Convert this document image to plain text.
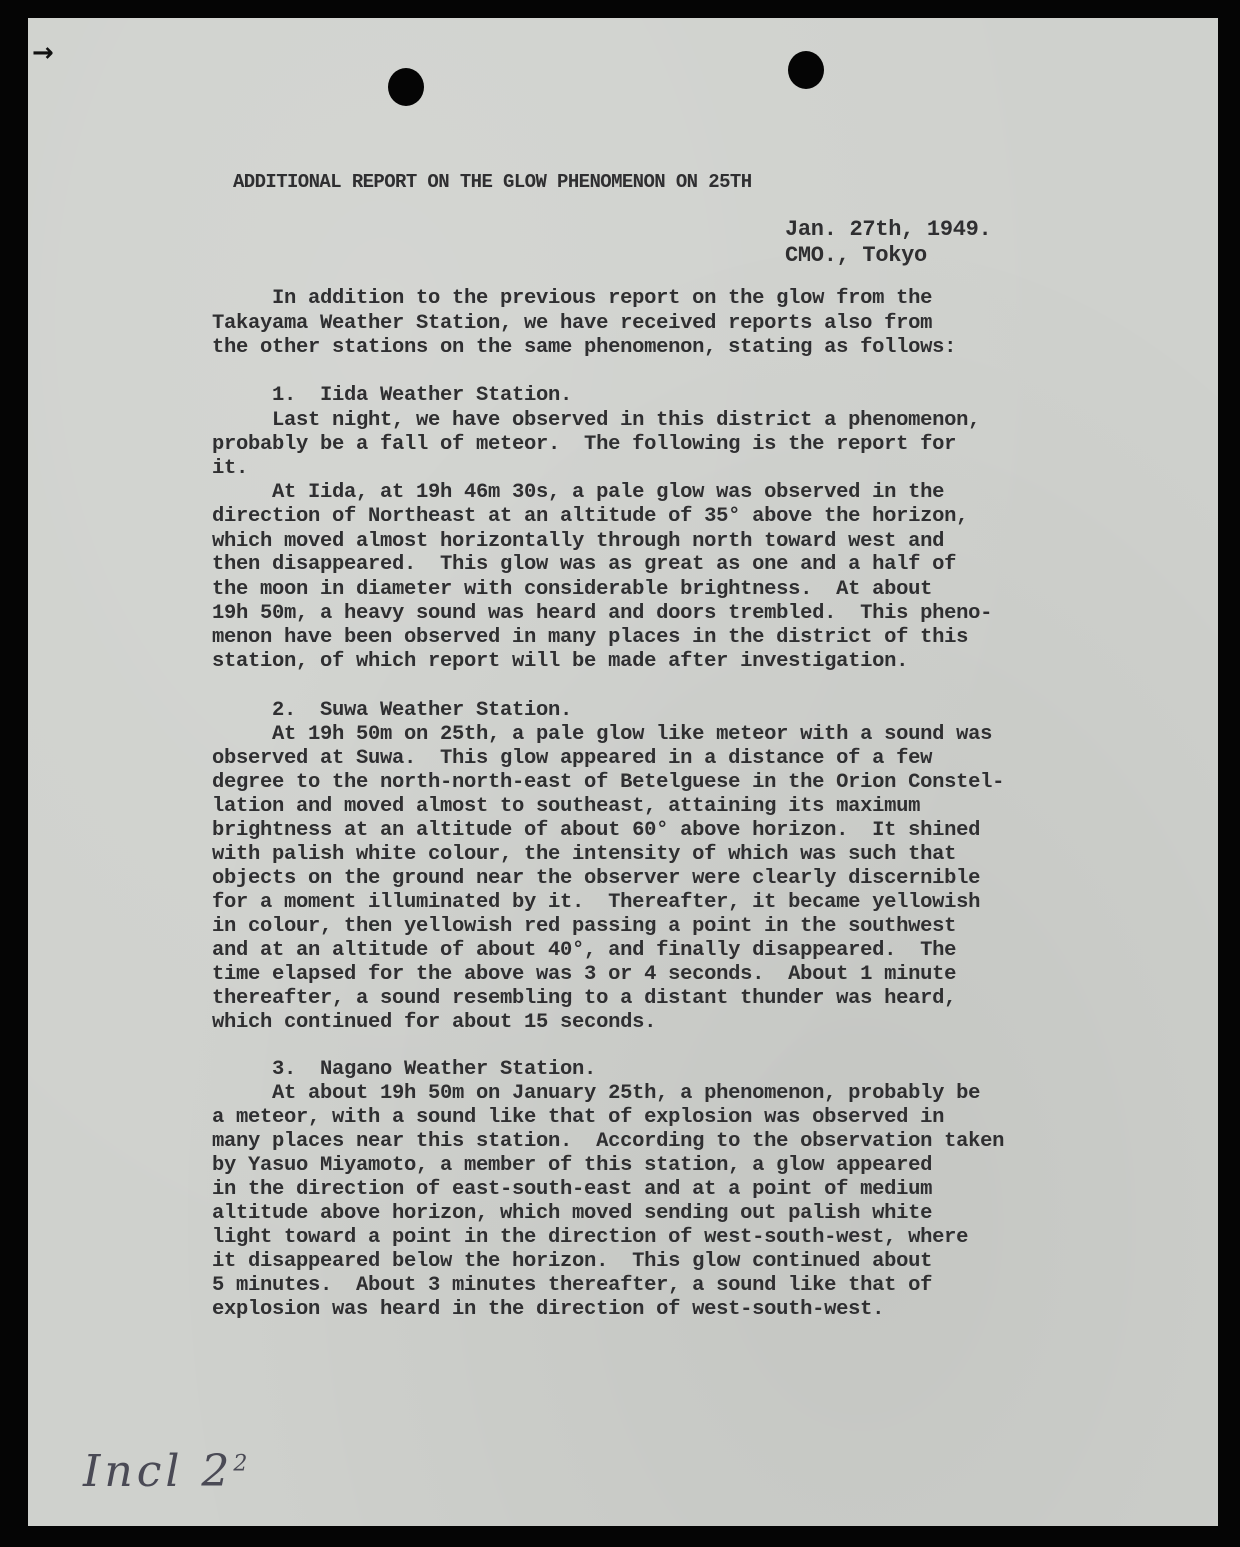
→
ADDITIONAL REPORT ON THE GLOW PHENOMENON ON 25TH
Jan. 27th, 1949.
CMO., Tokyo
In addition to the previous report on the glow from the
Takayama Weather Station, we have received reports also from
the other stations on the same phenomenon, stating as follows:
1.  Iida Weather Station.
Last night, we have observed in this district a phenomenon,
probably be a fall of meteor.  The following is the report for
it.
At Iida, at 19h 46m 30s, a pale glow was observed in the
direction of Northeast at an altitude of 35° above the horizon,
which moved almost horizontally through north toward west and
then disappeared.  This glow was as great as one and a half of
the moon in diameter with considerable brightness.  At about
19h 50m, a heavy sound was heard and doors trembled.  This pheno-
menon have been observed in many places in the district of this
station, of which report will be made after investigation.
2.  Suwa Weather Station.
At 19h 50m on 25th, a pale glow like meteor with a sound was
observed at Suwa.  This glow appeared in a distance of a few
degree to the north-north-east of Betelguese in the Orion Constel-
lation and moved almost to southeast, attaining its maximum
brightness at an altitude of about 60° above horizon.  It shined
with palish white colour, the intensity of which was such that
objects on the ground near the observer were clearly discernible
for a moment illuminated by it.  Thereafter, it became yellowish
in colour, then yellowish red passing a point in the southwest
and at an altitude of about 40°, and finally disappeared.  The
time elapsed for the above was 3 or 4 seconds.  About 1 minute
thereafter, a sound resembling to a distant thunder was heard,
which continued for about 15 seconds.
3.  Nagano Weather Station.
At about 19h 50m on January 25th, a phenomenon, probably be
a meteor, with a sound like that of explosion was observed in
many places near this station.  According to the observation taken
by Yasuo Miyamoto, a member of this station, a glow appeared
in the direction of east-south-east and at a point of medium
altitude above horizon, which moved sending out palish white
light toward a point in the direction of west-south-west, where
it disappeared below the horizon.  This glow continued about
5 minutes.  About 3 minutes thereafter, a sound like that of
explosion was heard in the direction of west-south-west.
Incl $2^2$
